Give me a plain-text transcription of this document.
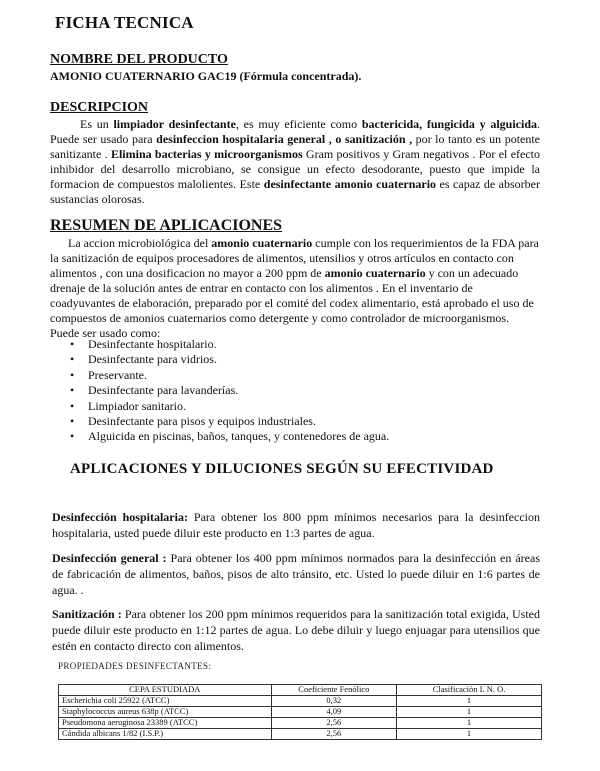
FICHA TECNICA
NOMBRE DEL PRODUCTO
AMONIO CUATERNARIO GAC19 (Fórmula concentrada).
DESCRIPCION
Es un limpiador desinfectante, es muy eficiente como bactericida, fungicida y alguicida. Puede ser usado para desinfeccion hospitalaria general , o sanitización , por lo tanto es un potente sanitizante . Elimina bacterias y microorganismos Gram positivos y Gram negativos . Por el efecto inhibidor del desarrollo microbiano, se consigue un efecto desodorante, puesto que impide la formacion de compuestos malolientes. Este desinfectante amonio cuaternario es capaz de absorber sustancias olorosas.
RESUMEN DE APLICACIONES
La accion microbiológica del amonio cuaternario cumple con los requerimientos de la FDA para la sanitización de equipos procesadores de alimentos, utensilios y otros artículos en contacto con alimentos , con una dosificacion no mayor a 200 ppm de amonio cuaternario y con un adecuado drenaje de la solución antes de entrar en contacto con los alimentos . En el inventario de coadyuvantes de elaboración, preparado por el comité del codex alimentario, está aprobado el uso de compuestos de amonios cuaternarios como detergente y como controlador de microorganismos. Puede ser usado como:
• Desinfectante hospitalario.
• Desinfectante para vidrios.
• Preservante.
• Desinfectante para lavanderías.
• Limpiador sanitario.
• Desinfectante para pisos y equipos industriales.
• Alguicida en piscinas, baños, tanques, y contenedores de agua.
APLICACIONES Y DILUCIONES SEGÚN SU EFECTIVIDAD
Desinfección hospitalaria: Para obtener los 800 ppm mínimos necesarios para la desinfeccion hospitalaria, usted puede diluir este producto en 1:3 partes de agua.
Desinfección general : Para obtener los 400 ppm mínimos normados para la desinfección en áreas de fabricación de alimentos, baños, pisos de alto tránsito, etc. Usted lo puede diluir en 1:6 partes de agua. .
Sanitización : Para obtener los 200 ppm mínimos requeridos para la sanitización total exigida, Usted puede diluir este producto en 1:12 partes de agua. Lo debe diluir y luego enjuagar para utensilios que estén en contacto directo con alimentos.
PROPIEDADES DESINFECTANTES:
CEPA ESTUDIADA	Coeficiente Fenólico	Clasificación I. N. O.
Escherichia coli 25922 (ATCC)	0,32	1
Staphylococcus aureus 638p (ATCC)	4,09	1
Pseudomona aeruginosa 23389 (ATCC)	2,56	1
Cándida albicans 1/82 (I.S.P.)	2,56	1
